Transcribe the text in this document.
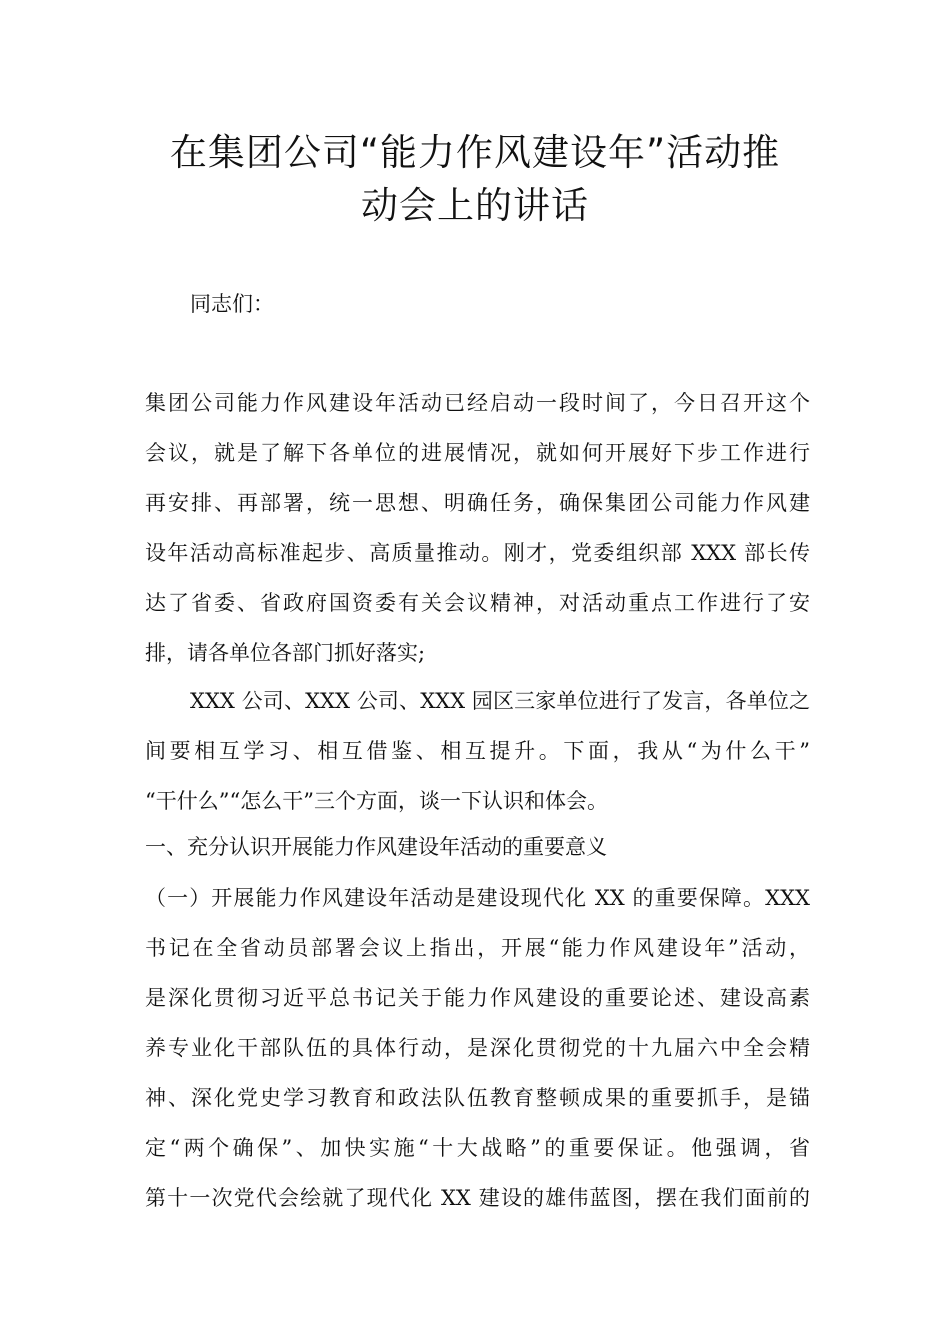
在集团公司“能力作风建设年”活动推
动会上的讲话
同志们：
集团公司能力作风建设年活动已经启动一段时间了，今日召开这个
会议，就是了解下各单位的进展情况，就如何开展好下步工作进行
再安排、再部署，统一思想、明确任务，确保集团公司能力作风建
设年活动高标准起步、高质量推动。刚才，党委组织部 XXX 部长传
达了省委、省政府国资委有关会议精神，对活动重点工作进行了安
排，请各单位各部门抓好落实;
XXX 公司、XXX 公司、XXX 园区三家单位进行了发言，各单位之
间要相互学习、相互借鉴、相互提升。下面，我从“为什么干”
“干什么”“怎么干”三个方面，谈一下认识和体会。
一、充分认识开展能力作风建设年活动的重要意义
（一）开展能力作风建设年活动是建设现代化 XX 的重要保障。XXX
书记在全省动员部署会议上指出，开展“能力作风建设年”活动，
是深化贯彻习近平总书记关于能力作风建设的重要论述、建设高素
养专业化干部队伍的具体行动，是深化贯彻党的十九届六中全会精
神、深化党史学习教育和政法队伍教育整顿成果的重要抓手，是锚
定“两个确保”、加快实施“十大战略”的重要保证。他强调，省
第十一次党代会绘就了现代化 XX 建设的雄伟蓝图，摆在我们面前的
